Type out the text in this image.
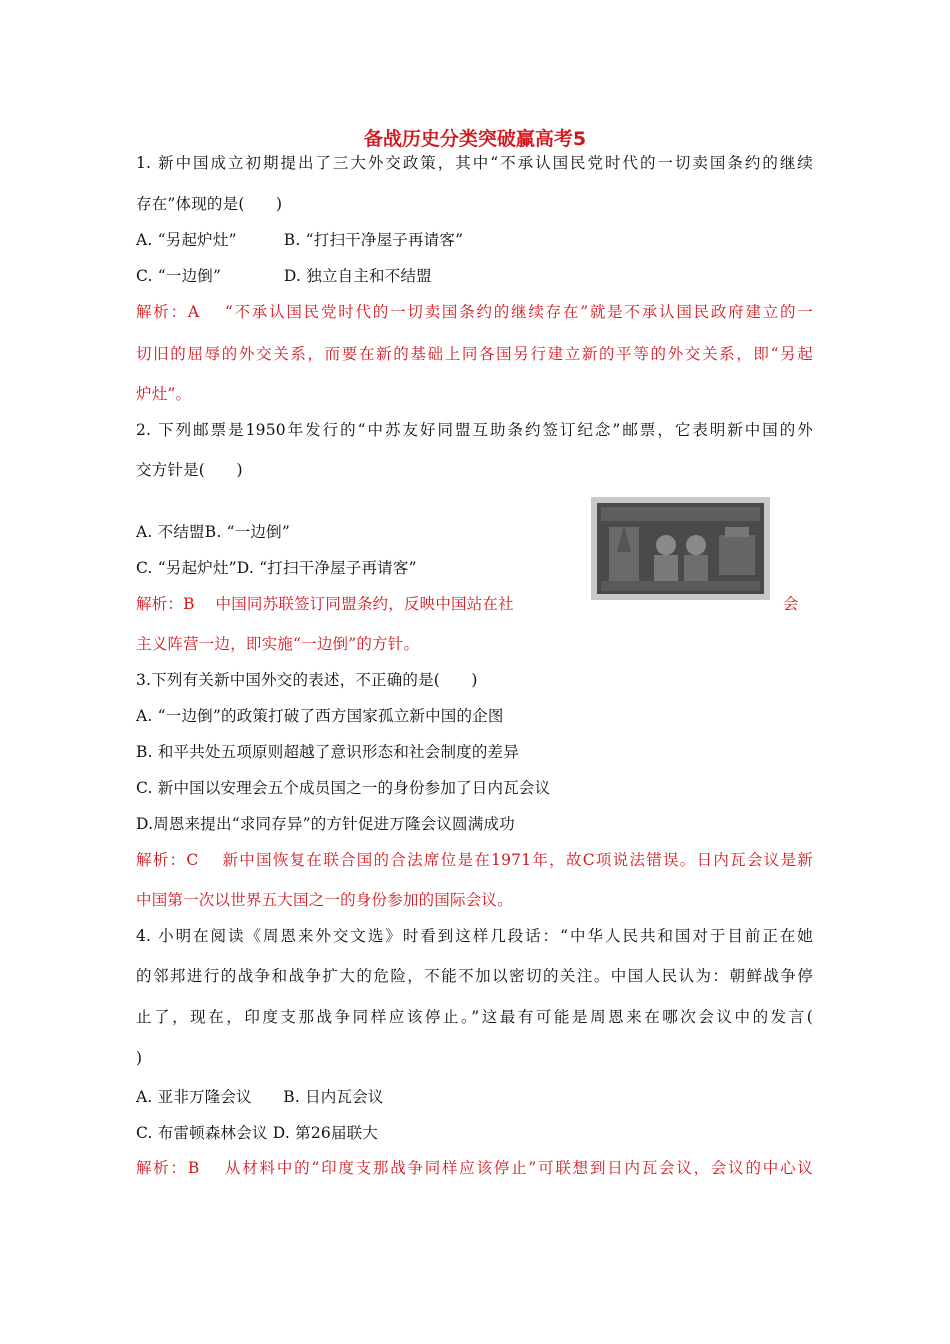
备战历史分类突破赢高考5
1. 新中国成立初期提出了三大外交政策，其中“不承认国民党时代的一切卖国条约的继续
存在”体现的是(　　)
A. “另起炉灶”　　　B. “打扫干净屋子再请客”
C. “一边倒”　　　　D. 独立自主和不结盟
解析：A　 “不承认国民党时代的一切卖国条约的继续存在”就是不承认国民政府建立的一
切旧的屈辱的外交关系，而要在新的基础上同各国另行建立新的平等的外交关系，即“另起
炉灶”。
2. 下列邮票是1950年发行的“中苏友好同盟互助条约签订纪念”邮票，它表明新中国的外
交方针是(　　)
A. 不结盟B. “一边倒”
C. “另起炉灶”D. “打扫干净屋子再请客”
解析：B　 中国同苏联签订同盟条约，反映中国站在社	会
主义阵营一边，即实施“一边倒”的方针。
3.下列有关新中国外交的表述，不正确的是(　　)
A. “一边倒”的政策打破了西方国家孤立新中国的企图
B. 和平共处五项原则超越了意识形态和社会制度的差异
C. 新中国以安理会五个成员国之一的身份参加了日内瓦会议
D.周恩来提出“求同存异”的方针促进万隆会议圆满成功
解析：C　 新中国恢复在联合国的合法席位是在1971年，故C项说法错误。日内瓦会议是新
中国第一次以世界五大国之一的身份参加的国际会议。
4. 小明在阅读《周恩来外交文选》时看到这样几段话：“中华人民共和国对于目前正在她
的邻邦进行的战争和战争扩大的危险，不能不加以密切的关注。中国人民认为：朝鲜战争停
止了，现在，印度支那战争同样应该停止。”这最有可能是周恩来在哪次会议中的发言(
)
A. 亚非万隆会议　　B. 日内瓦会议
C. 布雷顿森林会议 D. 第26届联大
解析：B　 从材料中的“印度支那战争同样应该停止”可联想到日内瓦会议，会议的中心议
